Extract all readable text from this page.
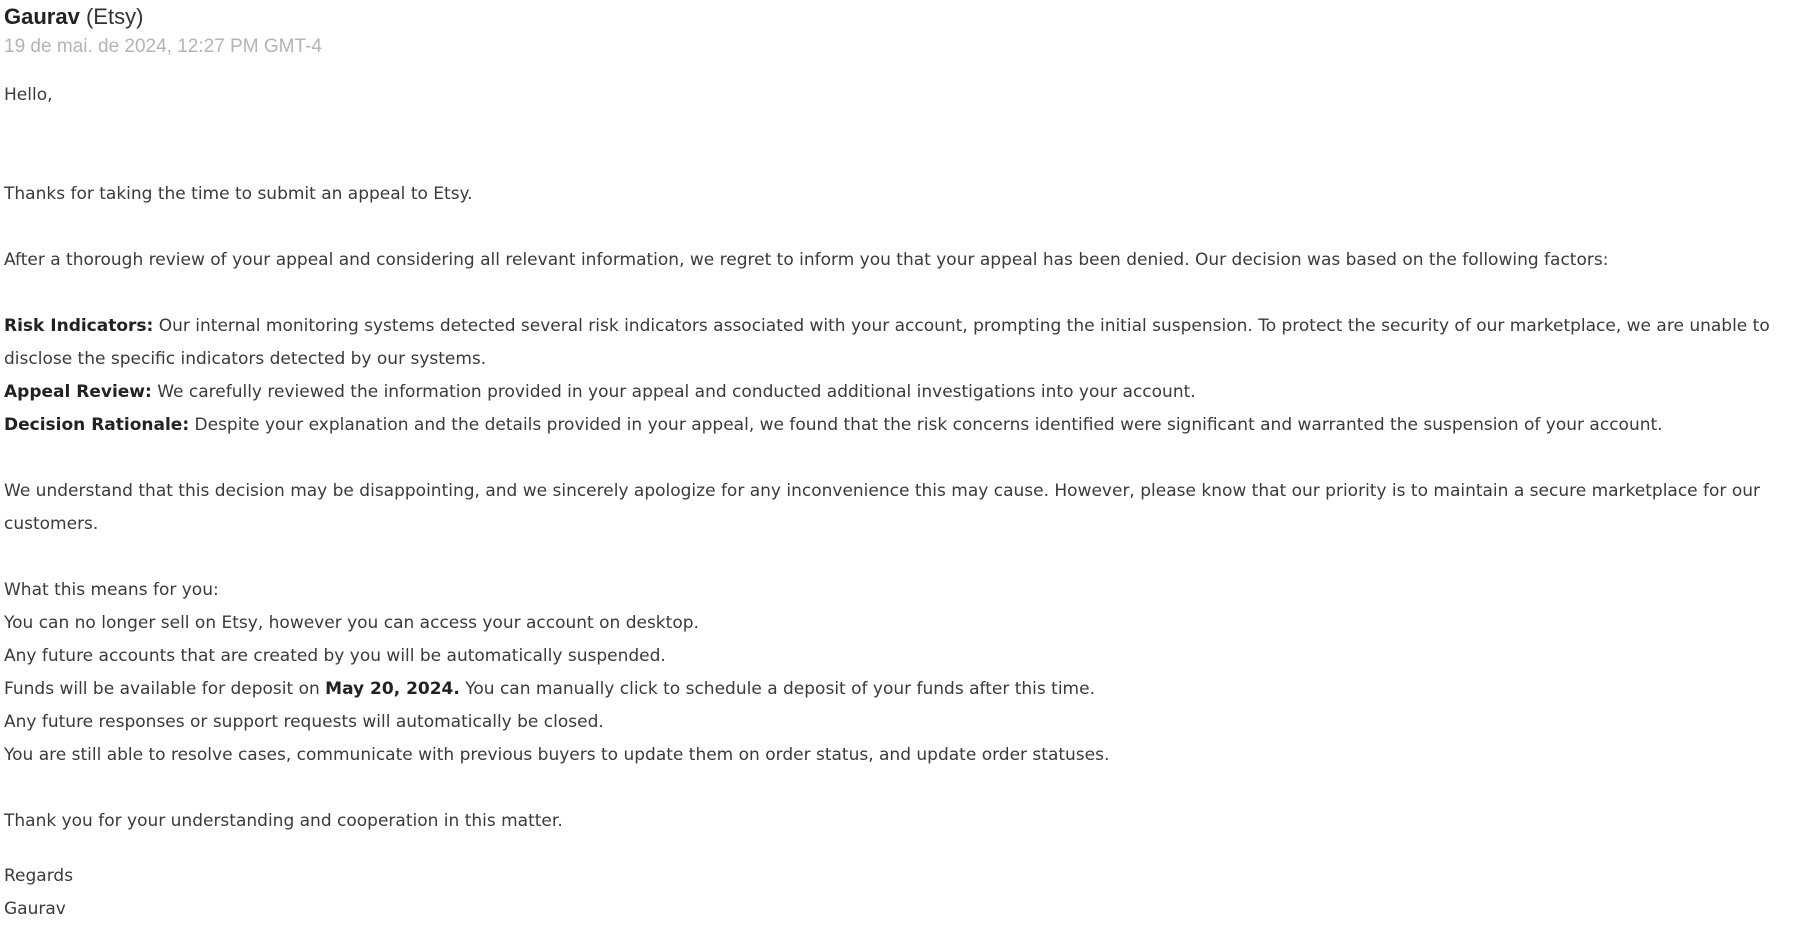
Gaurav (Etsy)
19 de mai. de 2024, 12:27 PM GMT-4

Hello,

Thanks for taking the time to submit an appeal to Etsy.

After a thorough review of your appeal and considering all relevant information, we regret to inform you that your appeal has been denied. Our decision was based on the following factors:

Risk Indicators: Our internal monitoring systems detected several risk indicators associated with your account, prompting the initial suspension. To protect the security of our marketplace, we are unable to disclose the specific indicators detected by our systems.

Appeal Review: We carefully reviewed the information provided in your appeal and conducted additional investigations into your account.

Decision Rationale: Despite your explanation and the details provided in your appeal, we found that the risk concerns identified were significant and warranted the suspension of your account.

We understand that this decision may be disappointing, and we sincerely apologize for any inconvenience this may cause. However, please know that our priority is to maintain a secure marketplace for our customers.

What this means for you:

You can no longer sell on Etsy, however you can access your account on desktop.

Any future accounts that are created by you will be automatically suspended.

Funds will be available for deposit on May 20, 2024. You can manually click to schedule a deposit of your funds after this time.

Any future responses or support requests will automatically be closed.

You are still able to resolve cases, communicate with previous buyers to update them on order status, and update order statuses.

Thank you for your understanding and cooperation in this matter.

Regards

Gaurav
